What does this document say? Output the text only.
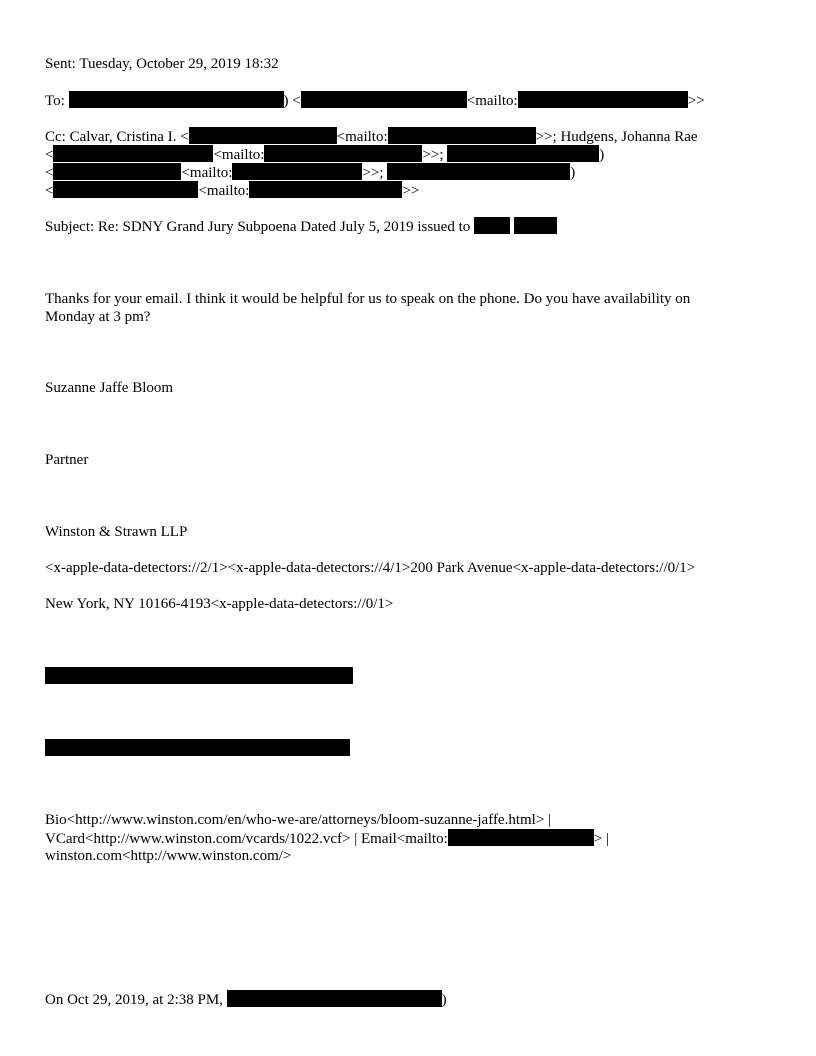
Sent: Tuesday, October 29, 2019 18:32
To:	) <	<mailto:	>>
Cc: Calvar, Cristina I. <	<mailto:	>>; Hudgens, Johanna Rae
<	<mailto:	>>;	)
<	<mailto:	>>;	)
<	<mailto:	>>
Subject: Re: SDNY Grand Jury Subpoena Dated July 5, 2019 issued to
Thanks for your email. I think it would be helpful for us to speak on the phone. Do you have availability on
Monday at 3 pm?
Suzanne Jaffe Bloom
Partner
Winston & Strawn LLP
<x-apple-data-detectors://2/1><x-apple-data-detectors://4/1>200 Park Avenue<x-apple-data-detectors://0/1>
New York, NY 10166-4193<x-apple-data-detectors://0/1>
Bio<http://www.winston.com/en/who-we-are/attorneys/bloom-suzanne-jaffe.html> |
VCard<http://www.winston.com/vcards/1022.vcf> | Email<mailto:	> |
winston.com<http://www.winston.com/>
On Oct 29, 2019, at 2:38 PM,	)
